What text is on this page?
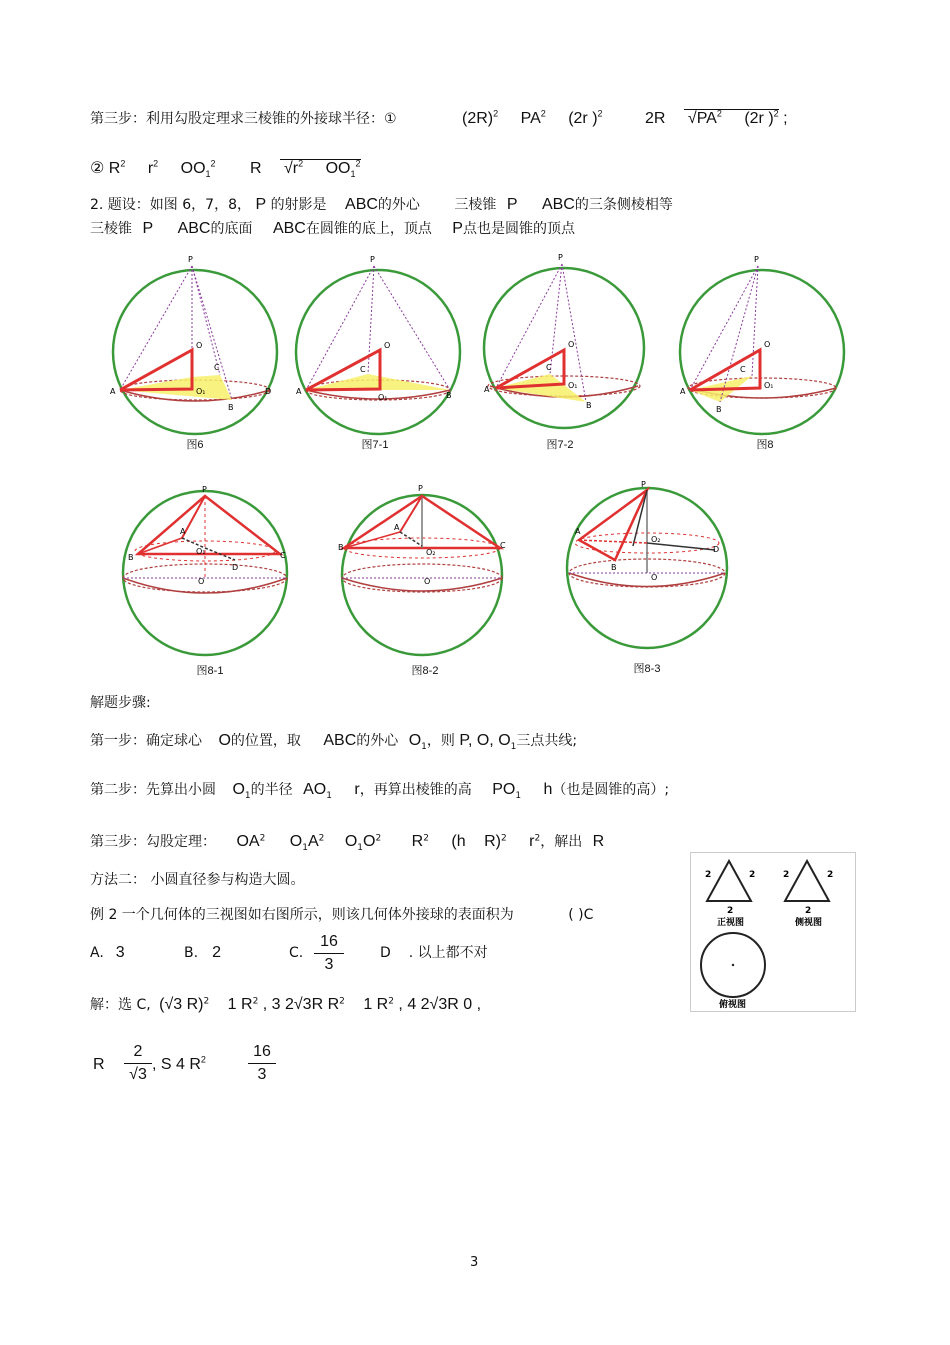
第三步：利用勾股定理求三棱锥的外接球半径：①	$(2R)^2$ $PA^2$ (2r )$^2$	2R $√PA^2$ (2r )$^2$ ;
② $R^2$ $r^2$ $OO_1^2$ R $√r^2$ $OO_1^2$
2. 题设：如图 6，7，8， P 的射影是 ABC的外心 三棱锥 P ABC的三条侧棱相等
三棱锥 P ABC的底面 ABC在圆锥的底上，顶点 P点也是圆锥的顶点
P
O
C
A	O₁
B
D
P
O
C
A
O₁	B
P
O
C
A	O₁
B
P
O
C
A
O₁
B
图6	图7-1	图7-2	图8
P
A
B	C
O₁
D
O
P
A
B	C
O₂
O
P
A
O₂
D
B
O
图8-1	图8-2	图8-3
解题步骤:
第一步：确定球心 O的位置，取 ABC的外心 $O_1$，则 P, O, $O_1$三点共线;
第二步：先算出小圆 $O_1$的半径 $AO_1$ r，再算出棱锥的高 $PO_1$ h（也是圆锥的高）;
第三步：勾股定理： $OA^2$ $O_1A^2$ $O_1O^2$ $R^2$ (h R)$^2$ $r^2$，解出 R
方法二： 小圆直径参与构造大圆。
例 2 一个几何体的三视图如右图所示，则该几何体外接球的表面积为	( )C
A. 3	B. 2	C.
16
3
D . 以上都不对
解：选 C, (√3 R)$^2$ 1 $R^2$ , 3 2√3R $R^2$ 1 $R^2$ , 4 2√3R 0 ,
R
2
√3
, S 4 $R^2$	16
3
2	2
2
2	2
2
正视图	侧视图
俯视图
3
